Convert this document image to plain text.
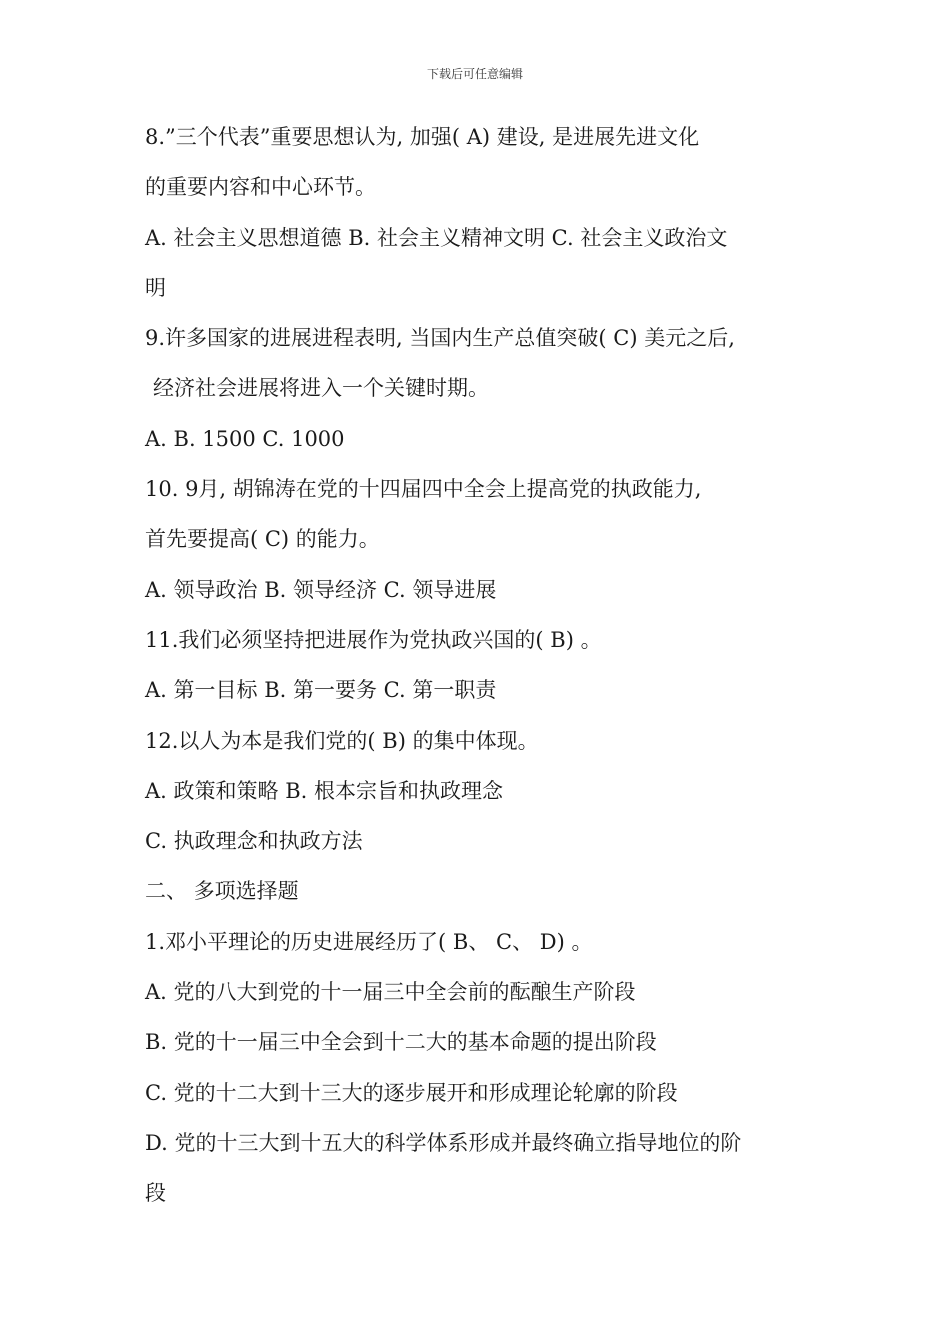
下载后可任意编辑
8.”三个代表”重要思想认为, 加强( A) 建设, 是进展先进文化
的重要内容和中心环节。
A. 社会主义思想道德 B. 社会主义精神文明 C. 社会主义政治文
明
9.许多国家的进展进程表明, 当国内生产总值突破( C) 美元之后,
经济社会进展将进入一个关键时期。
A. B. 1500 C. 1000
10. 9月, 胡锦涛在党的十四届四中全会上提高党的执政能力,
首先要提高( C) 的能力。
A. 领导政治 B. 领导经济 C. 领导进展
11.我们必须坚持把进展作为党执政兴国的( B) 。
A. 第一目标 B. 第一要务 C. 第一职责
12.以人为本是我们党的( B) 的集中体现。
A. 政策和策略 B. 根本宗旨和执政理念
C. 执政理念和执政方法
二、 多项选择题
1.邓小平理论的历史进展经历了( B、 C、 D) 。
A. 党的八大到党的十一届三中全会前的酝酿生产阶段
B. 党的十一届三中全会到十二大的基本命题的提出阶段
C. 党的十二大到十三大的逐步展开和形成理论轮廓的阶段
D. 党的十三大到十五大的科学体系形成并最终确立指导地位的阶
段
